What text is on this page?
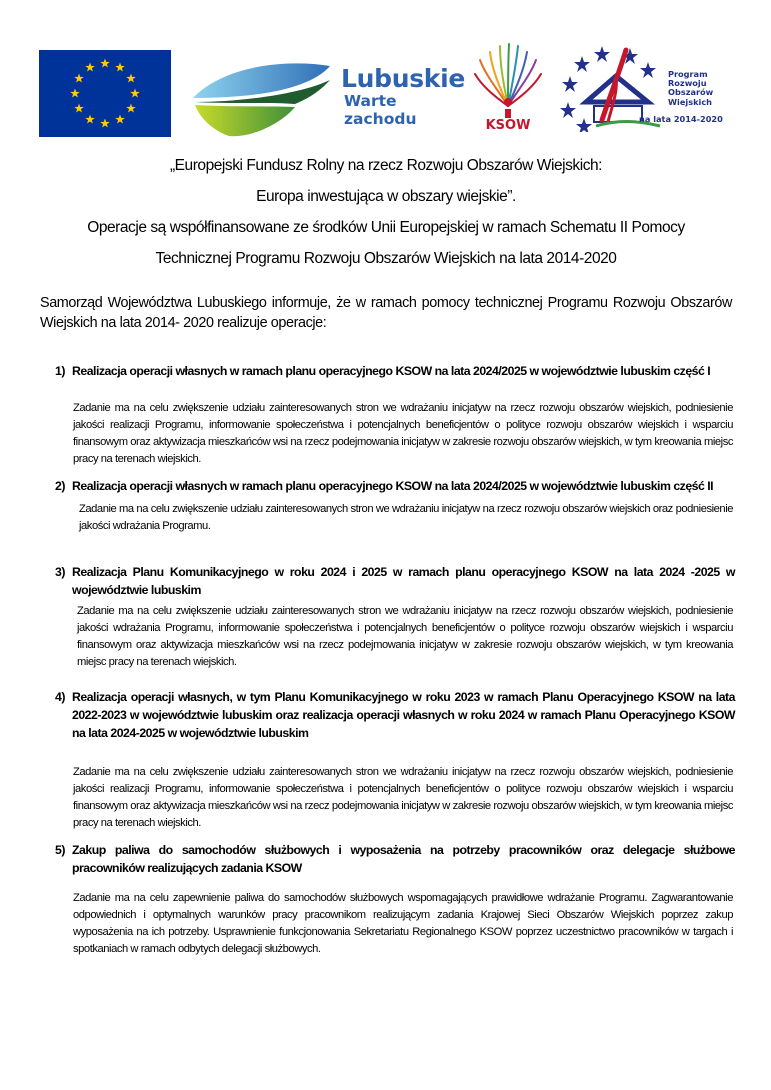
Lubuskie
Warte zachodu	KSOW
Program
Rozwoju
Obszarów
Wiejskich
na lata 2014-2020
„Europejski Fundusz Rolny na rzecz Rozwoju Obszarów Wiejskich:
Europa inwestująca w obszary wiejskie”.
Operacje są współfinansowane ze środków Unii Europejskiej w ramach Schematu II Pomocy
Technicznej Programu Rozwoju Obszarów Wiejskich na lata 2014-2020
Samorząd Województwa Lubuskiego informuje, że w ramach pomocy technicznej Programu Rozwoju Obszarów Wiejskich na lata 2014- 2020 realizuje operacje:
1) Realizacja operacji własnych w ramach planu operacyjnego KSOW na lata 2024/2025 w województwie lubuskim część I
Zadanie ma na celu zwiększenie udziału zainteresowanych stron we wdrażaniu inicjatyw na rzecz rozwoju obszarów wiejskich, podniesienie jakości realizacji Programu, informowanie społeczeństwa i potencjalnych beneficjentów o polityce rozwoju obszarów wiejskich i wsparciu finansowym oraz aktywizacja mieszkańców wsi na rzecz podejmowania inicjatyw w zakresie rozwoju obszarów wiejskich, w tym kreowania miejsc pracy na terenach wiejskich.
2) Realizacja operacji własnych w ramach planu operacyjnego KSOW na lata 2024/2025 w województwie lubuskim część II
Zadanie ma na celu zwiększenie udziału zainteresowanych stron we wdrażaniu inicjatyw na rzecz rozwoju obszarów wiejskich oraz podniesienie jakości wdrażania Programu.
3) Realizacja Planu Komunikacyjnego w roku 2024 i 2025 w ramach planu operacyjnego KSOW na lata 2024 -2025 w województwie lubuskim
Zadanie ma na celu zwiększenie udziału zainteresowanych stron we wdrażaniu inicjatyw na rzecz rozwoju obszarów wiejskich, podniesienie jakości wdrażania Programu, informowanie społeczeństwa i potencjalnych beneficjentów o polityce rozwoju obszarów wiejskich i wsparciu finansowym oraz aktywizacja mieszkańców wsi na rzecz podejmowania inicjatyw w zakresie rozwoju obszarów wiejskich, w tym kreowania miejsc pracy na terenach wiejskich.
4) Realizacja operacji własnych, w tym Planu Komunikacyjnego w roku 2023 w ramach Planu Operacyjnego KSOW na lata 2022-2023 w województwie lubuskim oraz realizacja operacji własnych w roku 2024 w ramach Planu Operacyjnego KSOW na lata 2024-2025 w województwie lubuskim
Zadanie ma na celu zwiększenie udziału zainteresowanych stron we wdrażaniu inicjatyw na rzecz rozwoju obszarów wiejskich, podniesienie jakości realizacji Programu, informowanie społeczeństwa i potencjalnych beneficjentów o polityce rozwoju obszarów wiejskich i wsparciu finansowym oraz aktywizacja mieszkańców wsi na rzecz podejmowania inicjatyw w zakresie rozwoju obszarów wiejskich, w tym kreowania miejsc pracy na terenach wiejskich.
5) Zakup paliwa do samochodów służbowych i wyposażenia na potrzeby pracowników oraz delegacje służbowe pracowników realizujących zadania KSOW
Zadanie ma na celu zapewnienie paliwa do samochodów służbowych wspomagających prawidłowe wdrażanie Programu. Zagwarantowanie odpowiednich i optymalnych warunków pracy pracownikom realizującym zadania Krajowej Sieci Obszarów Wiejskich poprzez zakup wyposażenia na ich potrzeby. Usprawnienie funkcjonowania Sekretariatu Regionalnego KSOW poprzez uczestnictwo pracowników w targach i spotkaniach w ramach odbytych delegacji służbowych.
